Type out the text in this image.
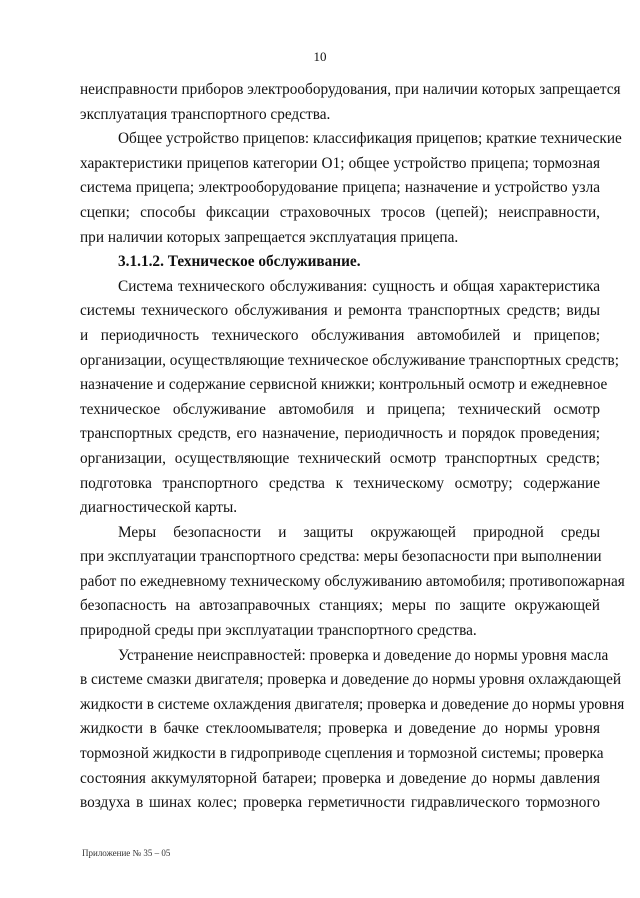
10

неисправности приборов электрооборудования, при наличии которых запрещается
эксплуатация транспортного средства.

Общее устройство прицепов: классификация прицепов; краткие технические
характеристики прицепов категории О1; общее устройство прицепа; тормозная
система прицепа; электрооборудование прицепа; назначение и устройство узла
сцепки; способы фиксации страховочных тросов (цепей); неисправности,
при наличии которых запрещается эксплуатация прицепа.

3.1.1.2. Техническое обслуживание.

Система технического обслуживания: сущность и общая характеристика
системы технического обслуживания и ремонта транспортных средств; виды
и периодичность технического обслуживания автомобилей и прицепов;
организации, осуществляющие техническое обслуживание транспортных средств;
назначение и содержание сервисной книжки; контрольный осмотр и ежедневное
техническое обслуживание автомобиля и прицепа; технический осмотр
транспортных средств, его назначение, периодичность и порядок проведения;
организации, осуществляющие технический осмотр транспортных средств;
подготовка транспортного средства к техническому осмотру; содержание
диагностической карты.

Меры безопасности и защиты окружающей природной среды
при эксплуатации транспортного средства: меры безопасности при выполнении
работ по ежедневному техническому обслуживанию автомобиля; противопожарная
безопасность на автозаправочных станциях; меры по защите окружающей
природной среды при эксплуатации транспортного средства.

Устранение неисправностей: проверка и доведение до нормы уровня масла
в системе смазки двигателя; проверка и доведение до нормы уровня охлаждающей
жидкости в системе охлаждения двигателя; проверка и доведение до нормы уровня
жидкости в бачке стеклоомывателя; проверка и доведение до нормы уровня
тормозной жидкости в гидроприводе сцепления и тормозной системы; проверка
состояния аккумуляторной батареи; проверка и доведение до нормы давления
воздуха в шинах колес; проверка герметичности гидравлического тормозного

Приложение № 35 – 05
